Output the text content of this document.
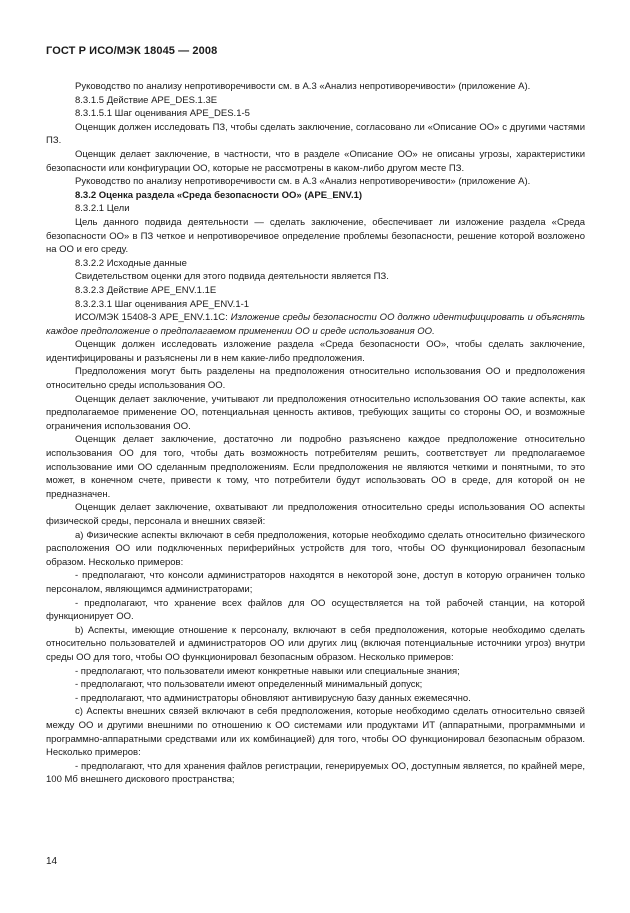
ГОСТ Р ИСО/МЭК 18045 — 2008

Руководство по анализу непротиворечивости см. в А.3 «Анализ непротиворечивости» (приложение А).

8.3.1.5 Действие APE_DES.1.3E

8.3.1.5.1 Шаг оценивания APE_DES.1-5

Оценщик должен исследовать ПЗ, чтобы сделать заключение, согласовано ли «Описание ОО» с другими частями ПЗ.

Оценщик делает заключение, в частности, что в разделе «Описание ОО» не описаны угрозы, характеристики безопасности или конфигурации ОО, которые не рассмотрены в каком-либо другом месте ПЗ.

Руководство по анализу непротиворечивости см. в А.3 «Анализ непротиворечивости» (приложение А).

8.3.2 Оценка раздела «Среда безопасности ОО» (APE_ENV.1)

8.3.2.1 Цели

Цель данного подвида деятельности — сделать заключение, обеспечивает ли изложение раздела «Среда безопасности ОО» в ПЗ четкое и непротиворечивое определение проблемы безопасности, решение которой возложено на ОО и его среду.

8.3.2.2 Исходные данные

Свидетельством оценки для этого подвида деятельности является ПЗ.

8.3.2.3 Действие APE_ENV.1.1E

8.3.2.3.1 Шаг оценивания APE_ENV.1-1

ИСО/МЭК 15408-3 APE_ENV.1.1C: Изложение среды безопасности ОО должно идентифицировать и объяснять каждое предположение о предполагаемом применении ОО и среде использования ОО.

Оценщик должен исследовать изложение раздела «Среда безопасности ОО», чтобы сделать заключение, идентифицированы и разъяснены ли в нем какие-либо предположения.

Предположения могут быть разделены на предположения относительно использования ОО и предположения относительно среды использования ОО.

Оценщик делает заключение, учитывают ли предположения относительно использования ОО такие аспекты, как предполагаемое применение ОО, потенциальная ценность активов, требующих защиты со стороны ОО, и возможные ограничения использования ОО.

Оценщик делает заключение, достаточно ли подробно разъяснено каждое предположение относительно использования ОО для того, чтобы дать возможность потребителям решить, соответствует ли предполагаемое использование ими ОО сделанным предположениям. Если предположения не являются четкими и понятными, то это может, в конечном счете, привести к тому, что потребители будут использовать ОО в среде, для которой он не предназначен.

Оценщик делает заключение, охватывают ли предположения относительно среды использования ОО аспекты физической среды, персонала и внешних связей:

а) Физические аспекты включают в себя предположения, которые необходимо сделать относительно физического расположения ОО или подключенных периферийных устройств для того, чтобы ОО функционировал безопасным образом. Несколько примеров:

- предполагают, что консоли администраторов находятся в некоторой зоне, доступ в которую ограничен только персоналом, являющимся администраторами;

- предполагают, что хранение всех файлов для ОО осуществляется на той рабочей станции, на которой функционирует ОО.

b) Аспекты, имеющие отношение к персоналу, включают в себя предположения, которые необходимо сделать относительно пользователей и администраторов ОО или других лиц (включая потенциальные источники угроз) внутри среды ОО для того, чтобы ОО функционировал безопасным образом. Несколько примеров:

- предполагают, что пользователи имеют конкретные навыки или специальные знания;

- предполагают, что пользователи имеют определенный минимальный допуск;

- предполагают, что администраторы обновляют антивирусную базу данных ежемесячно.

с) Аспекты внешних связей включают в себя предположения, которые необходимо сделать относительно связей между ОО и другими внешними по отношению к ОО системами или продуктами ИТ (аппаратными, программными и программно-аппаратными средствами или их комбинацией) для того, чтобы ОО функционировал безопасным образом. Несколько примеров:

- предполагают, что для хранения файлов регистрации, генерируемых ОО, доступным является, по крайней мере, 100 Мб внешнего дискового пространства;

14
